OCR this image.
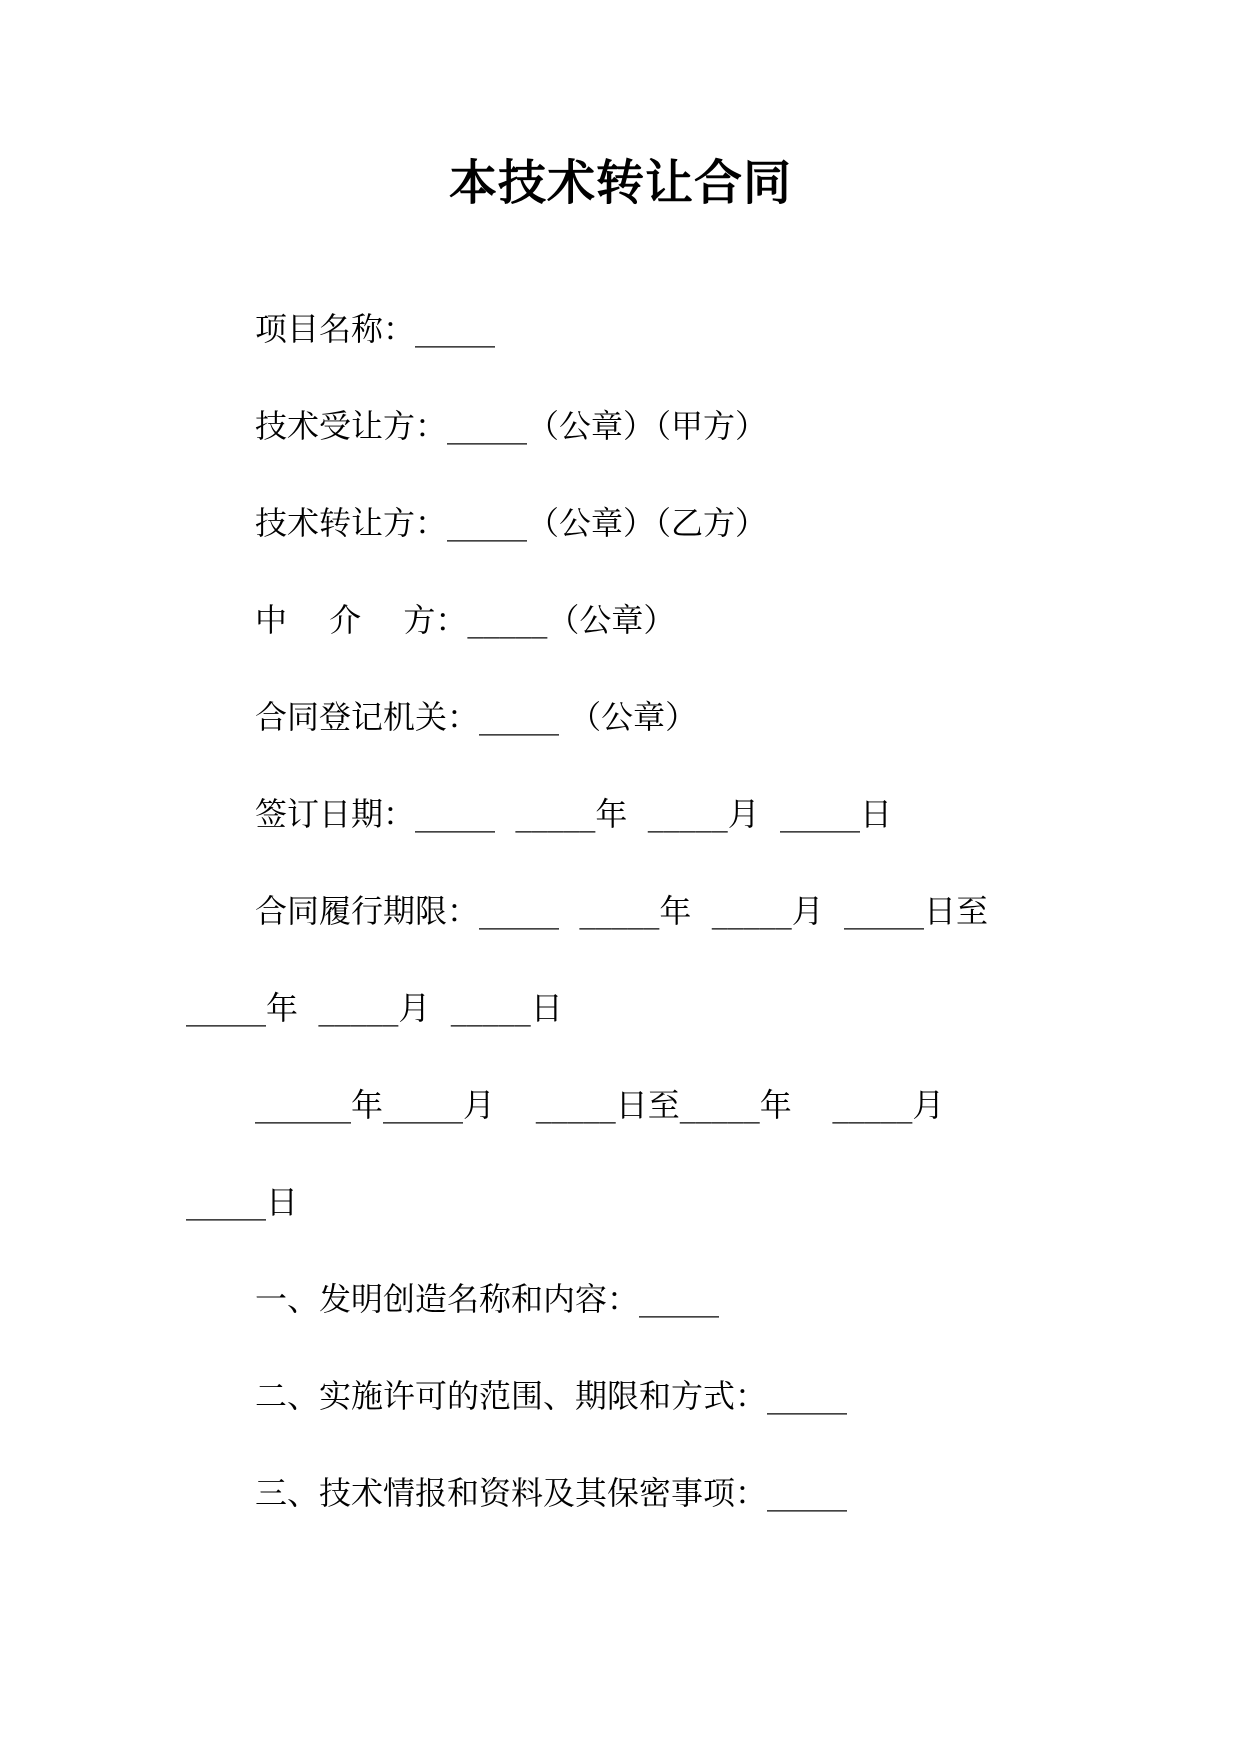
本技术转让合同
项目名称：_____
技术受让方：_____（公章）（甲方）
技术转让方：_____（公章）（乙方）
中　 介　 方：_____（公章）
合同登记机关：_____ （公章）
签订日期：_____  _____年  _____月  _____日
合同履行期限：_____  _____年  _____月  _____日至
_____年  _____月  _____日
______年_____月    _____日至_____年    _____月
_____日
一、发明创造名称和内容：_____
二、实施许可的范围、期限和方式：_____
三、技术情报和资料及其保密事项：_____
